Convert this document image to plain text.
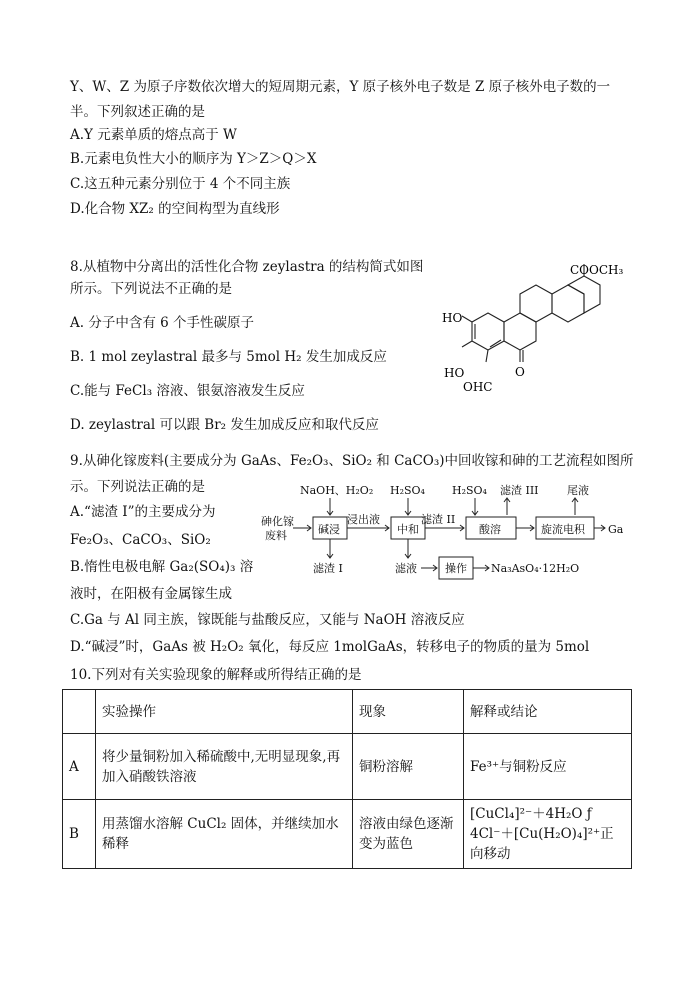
Y、W、Z 为原子序数依次增大的短周期元素，Y 原子核外电子数是 Z 原子核外电子数的一
半。下列叙述正确的是
A.Y 元素单质的熔点高于 W
B.元素电负性大小的顺序为 Y＞Z＞Q＞X
C.这五种元素分别位于 4 个不同主族
D.化合物 XZ₂ 的空间构型为直线形
8.从植物中分离出的活性化合物 zeylastra 的结构简式如图
所示。下列说法不正确的是
A. 分子中含有 6 个手性碳原子
B. 1 mol zeylastral 最多与 5mol H₂ 发生加成反应
C.能与 FeCl₃ 溶液、银氨溶液发生反应
D. zeylastral 可以跟 Br₂ 发生加成反应和取代反应
COOCH₃
HO
HO
OHC
O
9.从砷化镓废料(主要成分为 GaAs、Fe₂O₃、SiO₂ 和 CaCO₃)中回收镓和砷的工艺流程如图所
示。下列说法正确的是
A.“滤渣 I”的主要成分为
Fe₂O₃、CaCO₃、SiO₂
B.惰性电极电解 Ga₂(SO₄)₃ 溶
液时，在阳极有金属镓生成
C.Ga 与 Al 同主族，镓既能与盐酸反应，又能与 NaOH 溶液反应
D.“碱浸”时，GaAs 被 H₂O₂ 氧化，每反应 1molGaAs，转移电子的物质的量为 5mol
NaOH、H₂O₂ H₂SO₄ H₂SO₄ 滤渣 III	尾液
砷化镓
废料	碱浸
浸出液
中和
滤渣 II
酸溶	旋流电积 Ga
滤渣 I	滤液	操作 Na₃AsO₄·12H₂O
10.下列对有关实验现象的解释或所得结正确的是
	实验操作	现象	解释或结论
A	将少量铜粉加入稀硫酸中,无明显现象,再加入硝酸铁溶液	铜粉溶解	Fe³⁺与铜粉反应
B	用蒸馏水溶解 CuCl₂ 固体，并继续加水稀释	溶液由绿色逐渐变为蓝色	[CuCl₄]²⁻＋4H₂O ƒ 4Cl⁻＋[Cu(H₂O)₄]²⁺正向移动
